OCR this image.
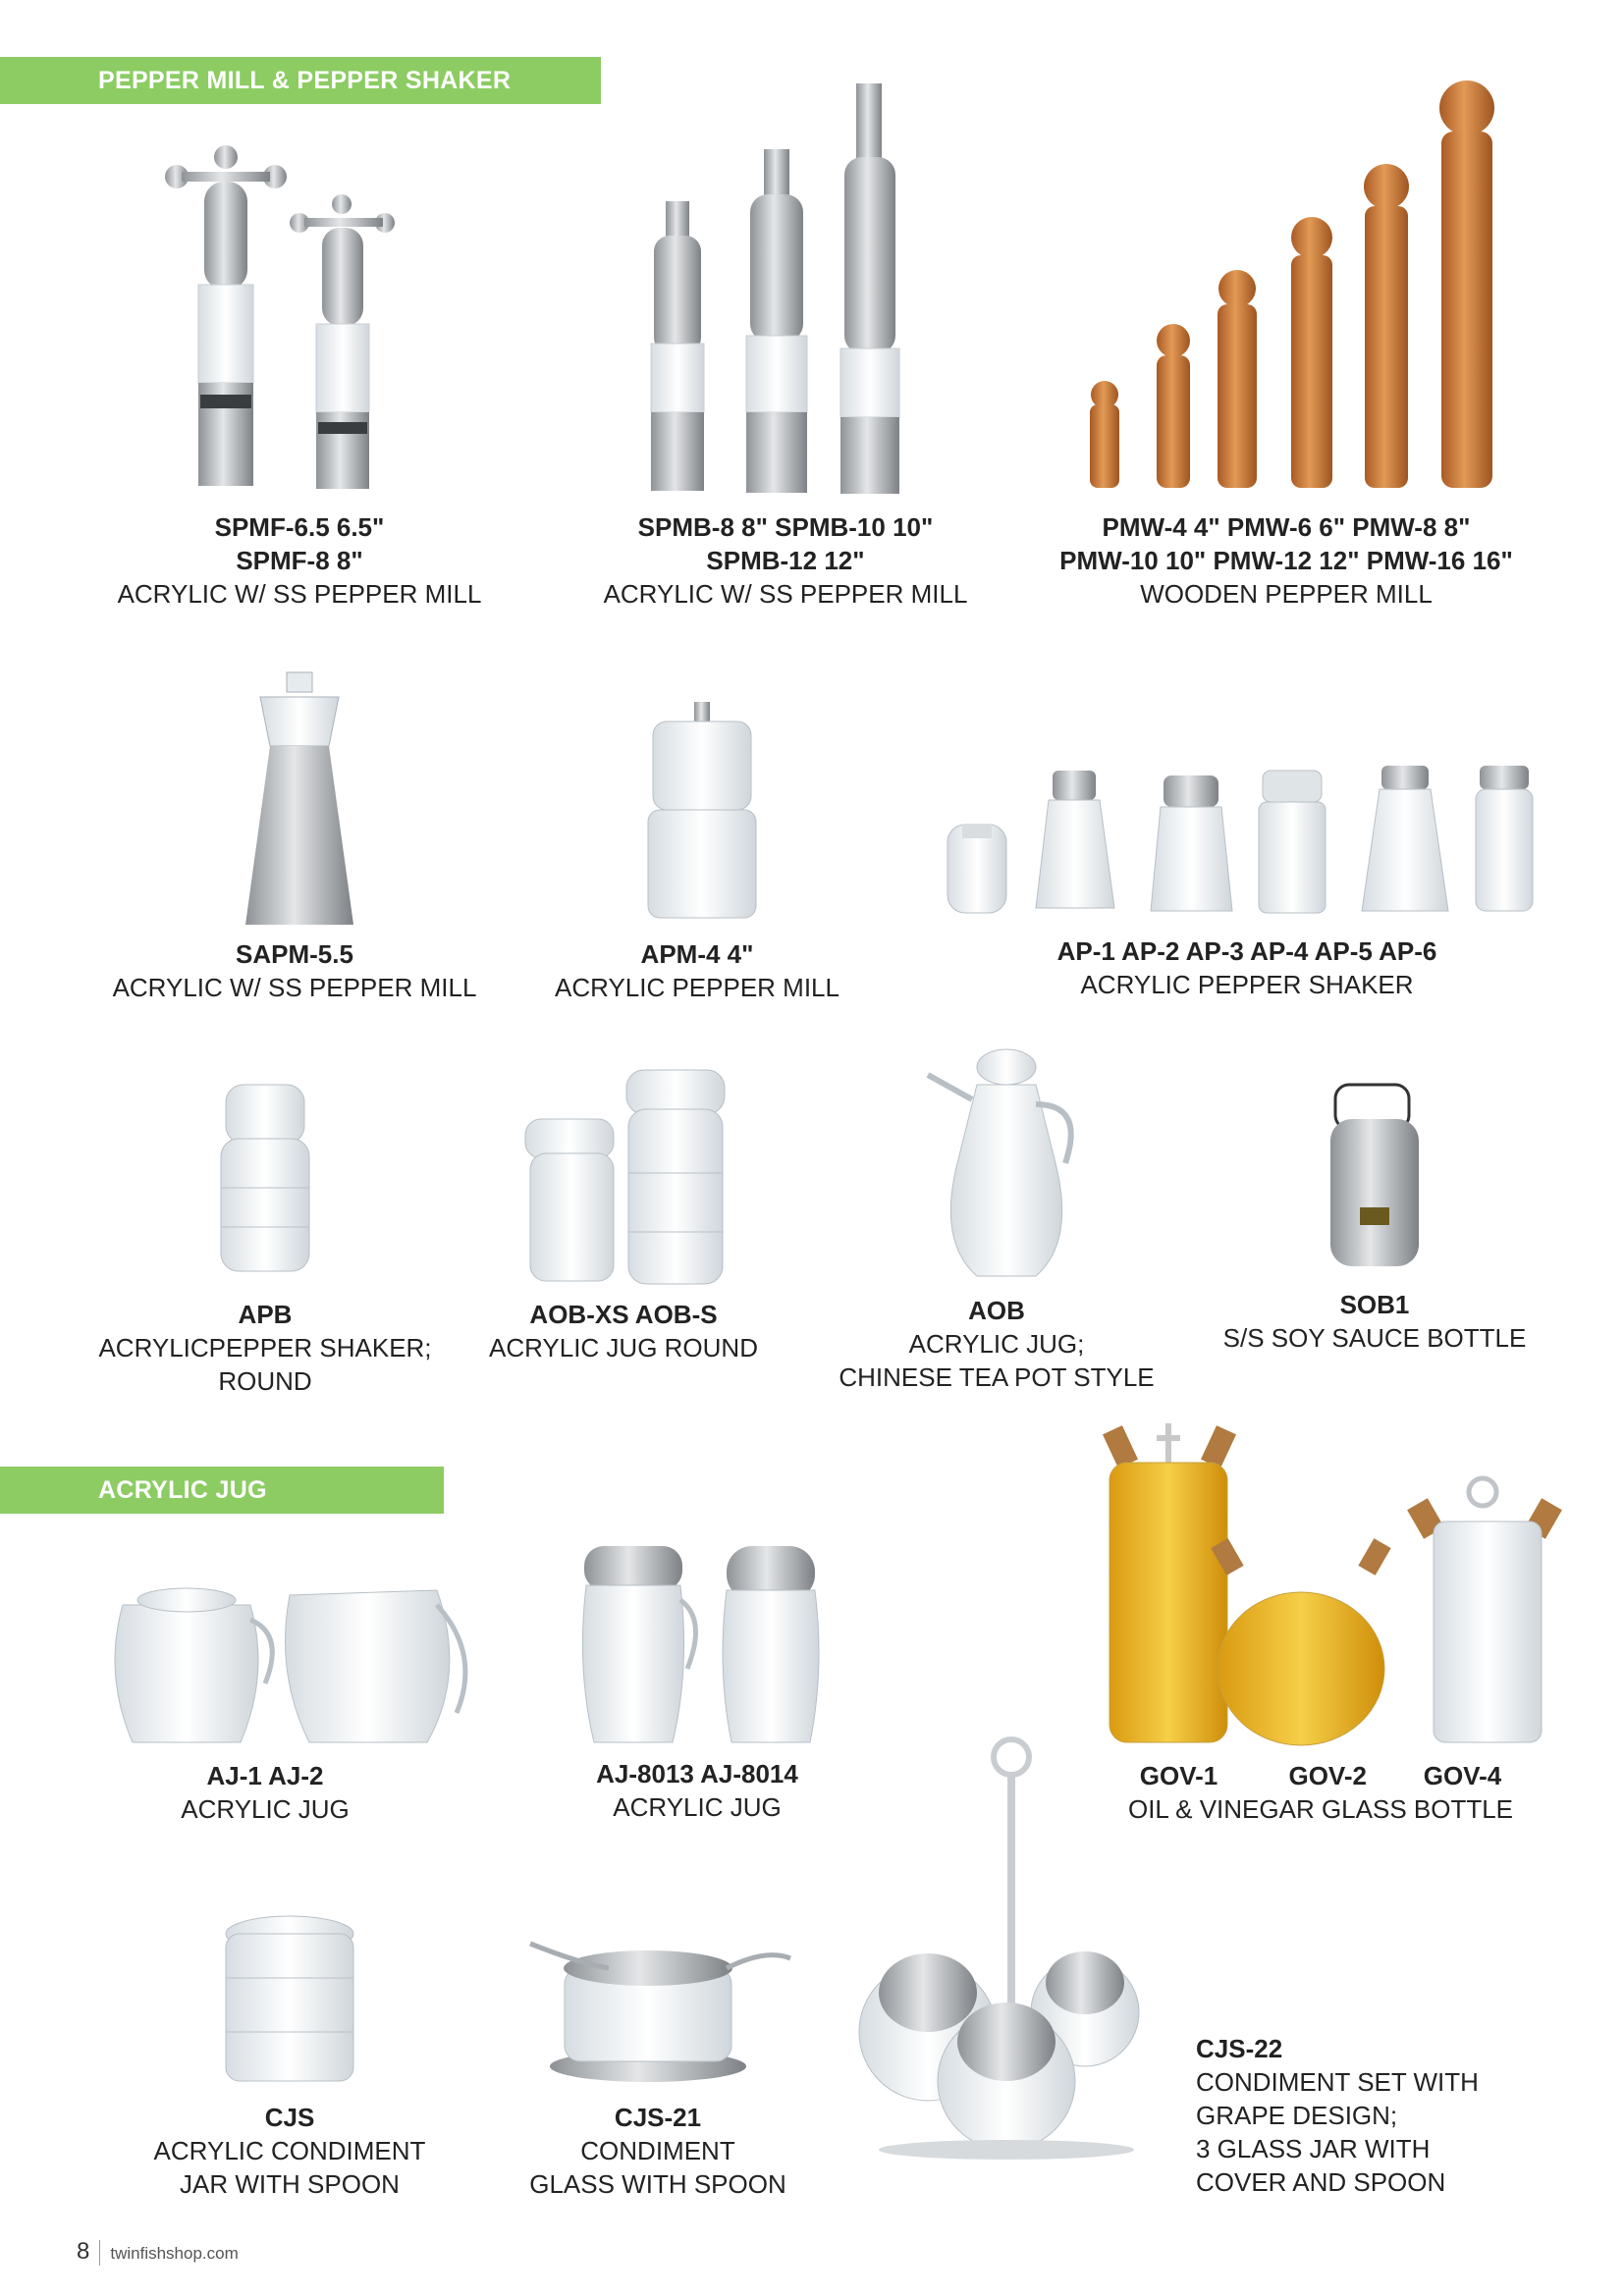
PEPPER MILL & PEPPER SHAKER
ACRYLIC JUG
SPMF-6.5 6.5"
SPMF-8 8"
ACRYLIC W/ SS PEPPER MILL
SPMB-8 8" SPMB-10 10"
SPMB-12 12"
ACRYLIC W/ SS PEPPER MILL
PMW-4 4" PMW-6 6" PMW-8 8"
PMW-10 10" PMW-12 12" PMW-16 16"
WOODEN PEPPER MILL
SAPM-5.5
ACRYLIC W/ SS PEPPER MILL
APM-4 4"
ACRYLIC PEPPER MILL
AP-1 AP-2 AP-3 AP-4 AP-5 AP-6
ACRYLIC PEPPER SHAKER
APB
ACRYLICPEPPER SHAKER;
ROUND
AOB-XS AOB-S
ACRYLIC JUG ROUND
AOB
ACRYLIC JUG;
CHINESE TEA POT STYLE
SOB1
S/S SOY SAUCE BOTTLE
AJ-1 AJ-2
ACRYLIC JUG
AJ-8013 AJ-8014
ACRYLIC JUG
GOV-1          GOV-2        GOV-4
OIL & VINEGAR GLASS BOTTLE
CJS
ACRYLIC CONDIMENT
JAR WITH SPOON
CJS-21
CONDIMENT
GLASS WITH SPOON
CJS-22
CONDIMENT SET WITH
GRAPE DESIGN;
3 GLASS JAR WITH
COVER AND SPOON
8 twinfishshop.com
